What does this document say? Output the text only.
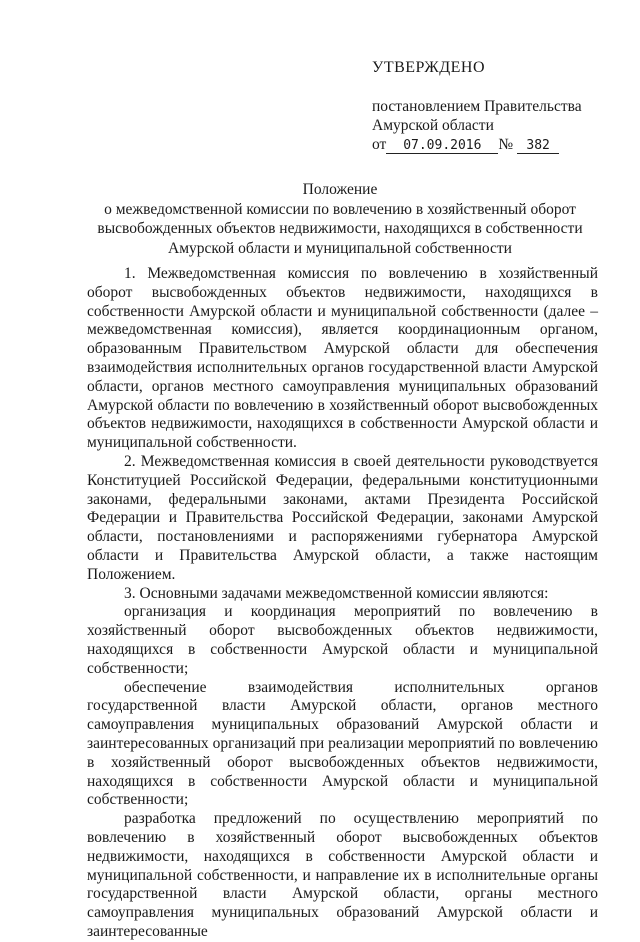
УТВЕРЖДЕНО
постановлением Правительства
Амурской области
от 07.09.2016 № 382
Положение
о межведомственной комиссии по вовлечению в хозяйственный оборот
высвобожденных объектов недвижимости, находящихся в собственности
Амурской области и муниципальной собственности

1. Межведомственная комиссия по вовлечению в хозяйственный оборот высвобожденных объектов недвижимости, находящихся в собственности Амурской области и муниципальной собственности (далее – межведомственная комиссия), является координационным органом, образованным Правительством Амурской области для обеспечения взаимодействия исполнительных органов государственной власти Амурской области, органов местного самоуправления муниципальных образований Амурской области по вовлечению в хозяйственный оборот высвобожденных объектов недвижимости, находящихся в собственности Амурской области и муниципальной собственности.

2. Межведомственная комиссия в своей деятельности руководствуется Конституцией Российской Федерации, федеральными конституционными законами, федеральными законами, актами Президента Российской Федерации и Правительства Российской Федерации, законами Амурской области, постановлениями и распоряжениями губернатора Амурской области и Правительства Амурской области, а также настоящим Положением.

3. Основными задачами межведомственной комиссии являются:

организация и координация мероприятий по вовлечению в хозяйственный оборот высвобожденных объектов недвижимости, находящихся в собственности Амурской области и муниципальной собственности;

обеспечение взаимодействия исполнительных органов государственной власти Амурской области, органов местного самоуправления муниципальных образований Амурской области и заинтересованных организаций при реализации мероприятий по вовлечению в хозяйственный оборот высвобожденных объектов недвижимости, находящихся в собственности Амурской области и муниципальной собственности;

разработка предложений по осуществлению мероприятий по вовлечению в хозяйственный оборот высвобожденных объектов недвижимости, находящихся в собственности Амурской области и муниципальной собственности, и направление их в исполнительные органы государственной власти Амурской области, органы местного самоуправления муниципальных образований Амурской области и заинтересованные
